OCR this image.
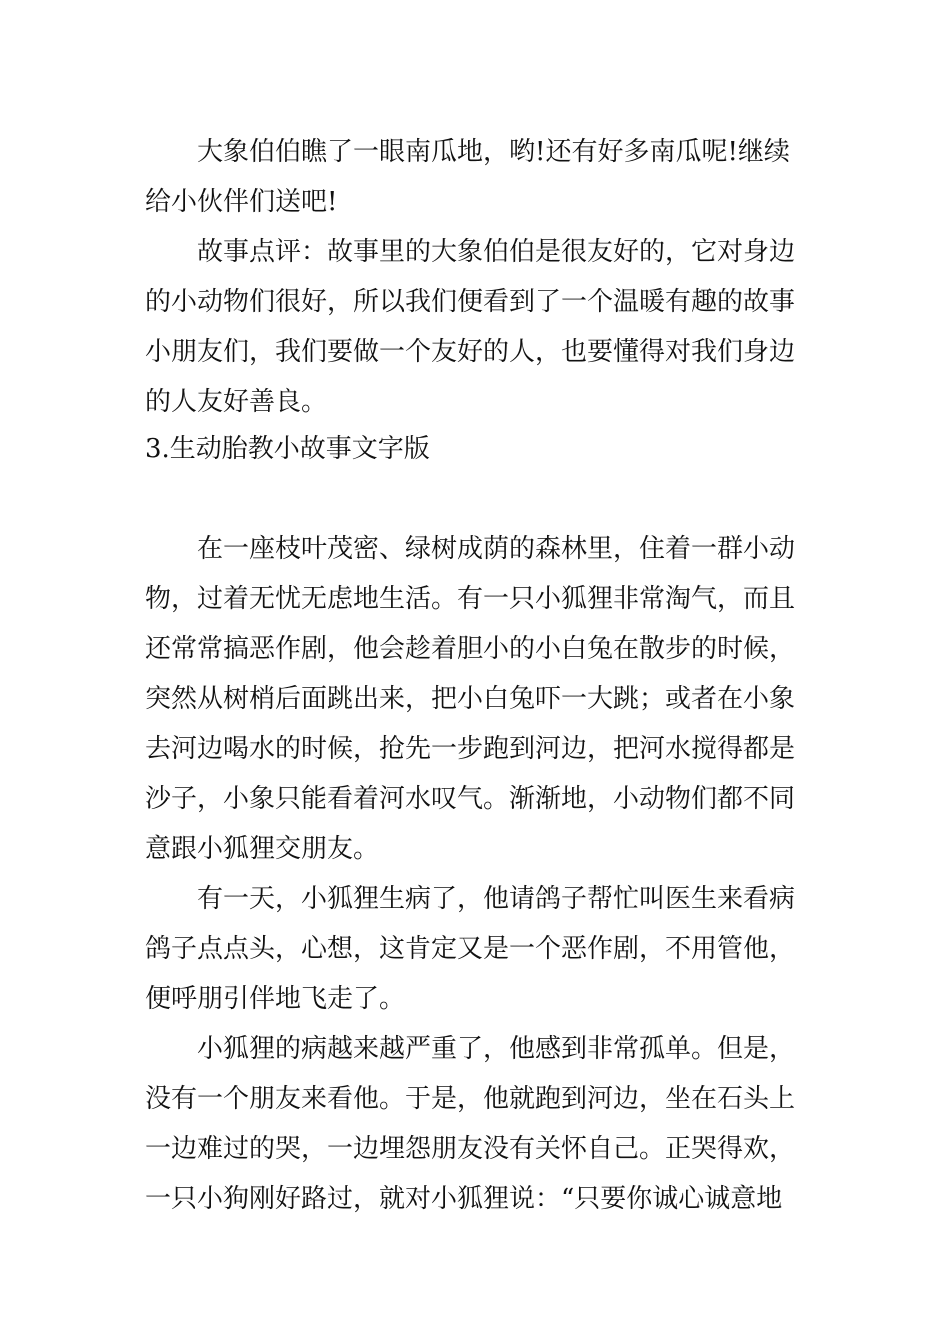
大象伯伯瞧了一眼南瓜地，哟!还有好多南瓜呢!继续
给小伙伴们送吧!
故事点评：故事里的大象伯伯是很友好的，它对身边
的小动物们很好，所以我们便看到了一个温暖有趣的故事
小朋友们，我们要做一个友好的人，也要懂得对我们身边
的人友好善良。
3.生动胎教小故事文字版
在一座枝叶茂密、绿树成荫的森林里，住着一群小动
物，过着无忧无虑地生活。有一只小狐狸非常淘气，而且
还常常搞恶作剧，他会趁着胆小的小白兔在散步的时候，
突然从树梢后面跳出来，把小白兔吓一大跳；或者在小象
去河边喝水的时候，抢先一步跑到河边，把河水搅得都是
沙子，小象只能看着河水叹气。渐渐地，小动物们都不同
意跟小狐狸交朋友。
有一天，小狐狸生病了，他请鸽子帮忙叫医生来看病
鸽子点点头，心想，这肯定又是一个恶作剧，不用管他，
便呼朋引伴地飞走了。
小狐狸的病越来越严重了，他感到非常孤单。但是，
没有一个朋友来看他。于是，他就跑到河边，坐在石头上
一边难过的哭，一边埋怨朋友没有关怀自己。正哭得欢，
一只小狗刚好路过，就对小狐狸说：“只要你诚心诚意地
